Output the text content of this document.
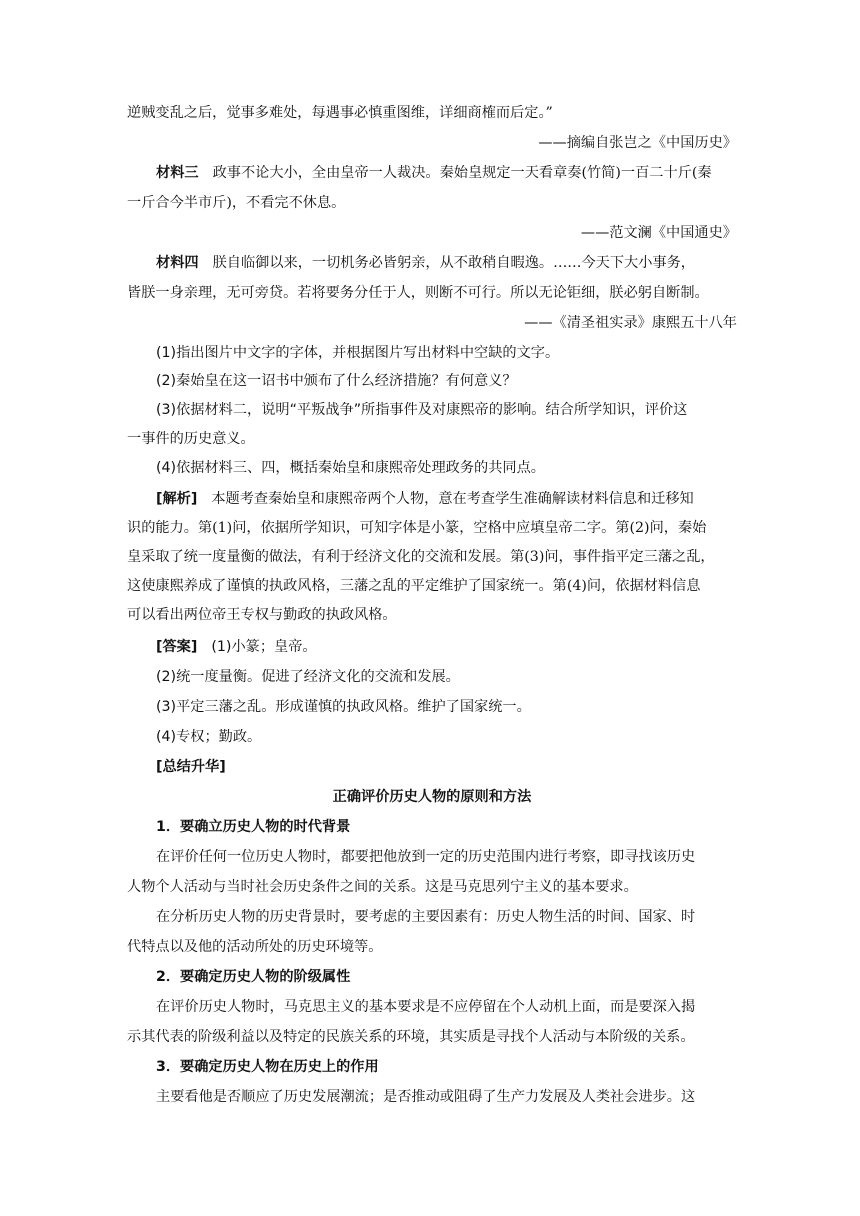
逆贼变乱之后，觉事多难处，每遇事必慎重图维，详细商榷而后定。”
——摘编自张岂之《中国历史》
材料三 政事不论大小，全由皇帝一人裁决。秦始皇规定一天看章奏(竹简)一百二十斤(秦
一斤合今半市斤)，不看完不休息。
——范文澜《中国通史》
材料四 朕自临御以来，一切机务必皆躬亲，从不敢稍自暇逸。……今天下大小事务，
皆朕一身亲理，无可旁贷。若将要务分任于人，则断不可行。所以无论钜细，朕必躬自断制。
——《清圣祖实录》康熙五十八年
(1)指出图片中文字的字体，并根据图片写出材料中空缺的文字。
(2)秦始皇在这一诏书中颁布了什么经济措施？有何意义？
(3)依据材料二，说明“平叛战争”所指事件及对康熙帝的影响。结合所学知识，评价这
一事件的历史意义。
(4)依据材料三、四，概括秦始皇和康熙帝处理政务的共同点。
[解析] 本题考查秦始皇和康熙帝两个人物，意在考查学生准确解读材料信息和迁移知
识的能力。第(1)问，依据所学知识，可知字体是小篆，空格中应填皇帝二字。第(2)问，秦始
皇采取了统一度量衡的做法，有利于经济文化的交流和发展。第(3)问，事件指平定三藩之乱，
这使康熙养成了谨慎的执政风格，三藩之乱的平定维护了国家统一。第(4)问，依据材料信息
可以看出两位帝王专权与勤政的执政风格。
[答案] (1)小篆；皇帝。
(2)统一度量衡。促进了经济文化的交流和发展。
(3)平定三藩之乱。形成谨慎的执政风格。维护了国家统一。
(4)专权；勤政。
[总结升华]
正确评价历史人物的原则和方法
1．要确立历史人物的时代背景
在评价任何一位历史人物时，都要把他放到一定的历史范围内进行考察，即寻找该历史
人物个人活动与当时社会历史条件之间的关系。这是马克思列宁主义的基本要求。
在分析历史人物的历史背景时，要考虑的主要因素有：历史人物生活的时间、国家、时
代特点以及他的活动所处的历史环境等。
2．要确定历史人物的阶级属性
在评价历史人物时，马克思主义的基本要求是不应停留在个人动机上面，而是要深入揭
示其代表的阶级利益以及特定的民族关系的环境，其实质是寻找个人活动与本阶级的关系。
3．要确定历史人物在历史上的作用
主要看他是否顺应了历史发展潮流；是否推动或阻碍了生产力发展及人类社会进步。这
